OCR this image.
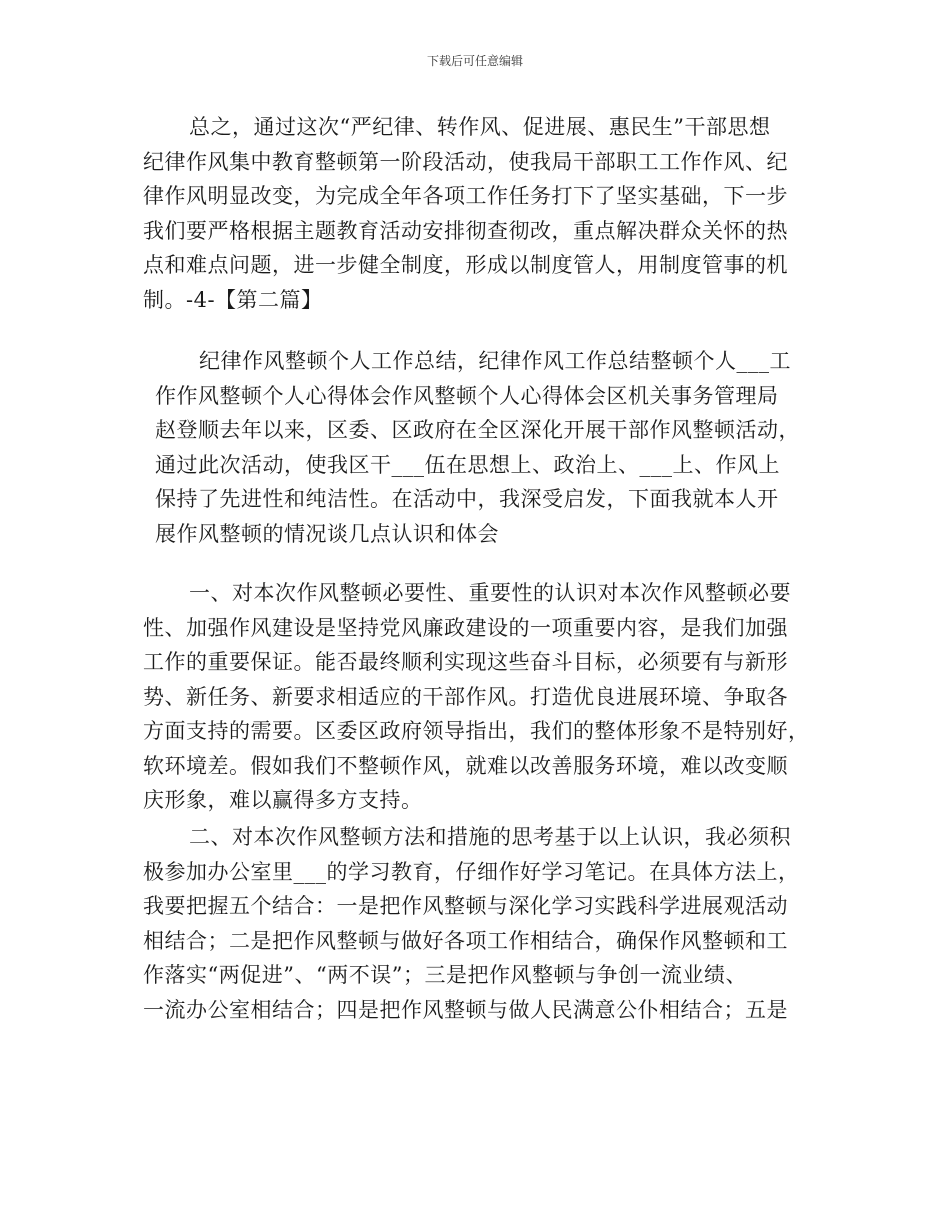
下载后可任意编辑
总之，通过这次“严纪律、转作风、促进展、惠民生”干部思想
纪律作风集中教育整顿第一阶段活动，使我局干部职工工作作风、纪
律作风明显改变，为完成全年各项工作任务打下了坚实基础，下一步
我们要严格根据主题教育活动安排彻查彻改，重点解决群众关怀的热
点和难点问题，进一步健全制度，形成以制度管人，用制度管事的机
制。-4-【第二篇】
纪律作风整顿个人工作总结，纪律作风工作总结整顿个人___工
作作风整顿个人心得体会作风整顿个人心得体会区机关事务管理局
赵登顺去年以来，区委、区政府在全区深化开展干部作风整顿活动，
通过此次活动，使我区干___伍在思想上、政治上、___上、作风上
保持了先进性和纯洁性。在活动中，我深受启发，下面我就本人开
展作风整顿的情况谈几点认识和体会
一、对本次作风整顿必要性、重要性的认识对本次作风整顿必要
性、加强作风建设是坚持党风廉政建设的一项重要内容，是我们加强
工作的重要保证。能否最终顺利实现这些奋斗目标，必须要有与新形
势、新任务、新要求相适应的干部作风。打造优良进展环境、争取各
方面支持的需要。区委区政府领导指出，我们的整体形象不是特别好，
软环境差。假如我们不整顿作风，就难以改善服务环境，难以改变顺
庆形象，难以赢得多方支持。
二、对本次作风整顿方法和措施的思考基于以上认识，我必须积
极参加办公室里___的学习教育，仔细作好学习笔记。在具体方法上，
我要把握五个结合：一是把作风整顿与深化学习实践科学进展观活动
相结合；二是把作风整顿与做好各项工作相结合，确保作风整顿和工
作落实“两促进”、“两不误”；三是把作风整顿与争创一流业绩、
一流办公室相结合；四是把作风整顿与做人民满意公仆相结合；五是
